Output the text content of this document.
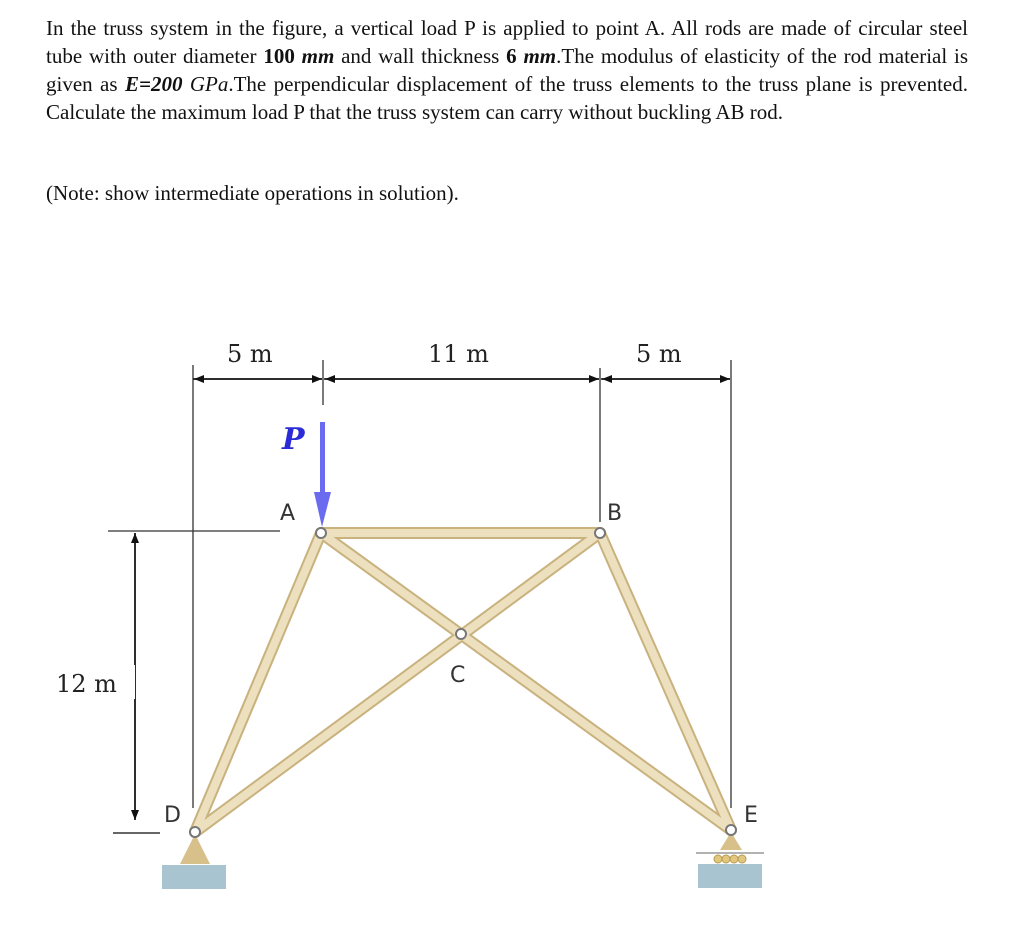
In the truss system in the figure, a vertical load P is applied to point A. All rods are made of circular steel tube with outer diameter 100 mm and wall thickness 6 mm.The modulus of elasticity of the rod material is given as E=200 GPa.The perpendicular displacement of the truss elements to the truss plane is prevented. Calculate the maximum load P that the truss system can carry without buckling AB rod.

(Note: show intermediate operations in solution).
5 m	11 m	5 m
12 m
P
A	B
C
D	E
